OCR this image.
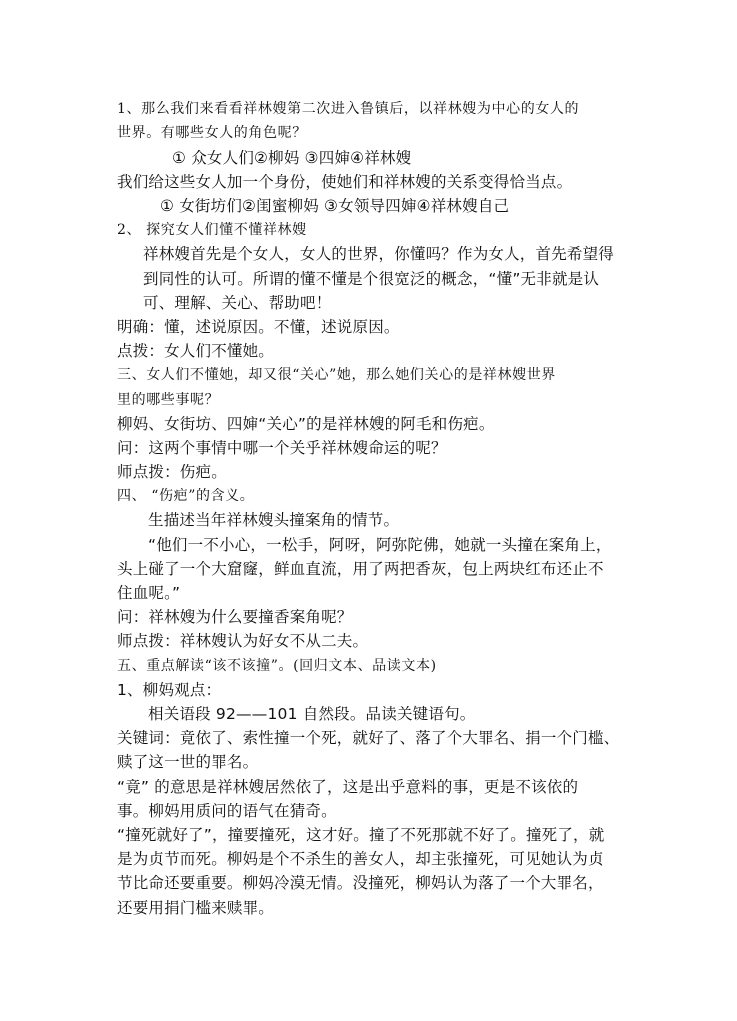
1、那么我们来看看祥林嫂第二次进入鲁镇后，以祥林嫂为中心的女人的
世界。有哪些女人的角色呢？
① 众女人们②柳妈 ③四婶④祥林嫂
我们给这些女人加一个身份，使她们和祥林嫂的关系变得恰当点。
① 女街坊们②闺蜜柳妈 ③女领导四婶④祥林嫂自己
2、 探究女人们懂不懂祥林嫂
祥林嫂首先是个女人，女人的世界，你懂吗？作为女人，首先希望得
到同性的认可。所谓的懂不懂是个很宽泛的概念，“懂”无非就是认
可、理解、关心、帮助吧！
明确：懂，述说原因。不懂，述说原因。
点拨：女人们不懂她。
三、女人们不懂她，却又很“关心”她，那么她们关心的是祥林嫂世界
里的哪些事呢？
柳妈、女街坊、四婶“关心”的是祥林嫂的阿毛和伤疤。
问：这两个事情中哪一个关乎祥林嫂命运的呢？
师点拨：伤疤。
四、 “伤疤”的含义。
生描述当年祥林嫂头撞案角的情节。
“他们一不小心，一松手，阿呀，阿弥陀佛，她就一头撞在案角上，
头上碰了一个大窟窿，鲜血直流，用了两把香灰，包上两块红布还止不
住血呢。”
问：祥林嫂为什么要撞香案角呢？
师点拨：祥林嫂认为好女不从二夫。
五、重点解读“该不该撞”。(回归文本、品读文本)
1、柳妈观点：
相关语段 92——101 自然段。品读关键语句。
关键词：竟依了、索性撞一个死，就好了、落了个大罪名、捐一个门槛、
赎了这一世的罪名。
“竟” 的意思是祥林嫂居然依了，这是出乎意料的事，更是不该依的
事。柳妈用质问的语气在猜奇。
“撞死就好了”，撞要撞死，这才好。撞了不死那就不好了。撞死了，就
是为贞节而死。柳妈是个不杀生的善女人，却主张撞死，可见她认为贞
节比命还要重要。柳妈冷漠无情。没撞死，柳妈认为落了一个大罪名，
还要用捐门槛来赎罪。
